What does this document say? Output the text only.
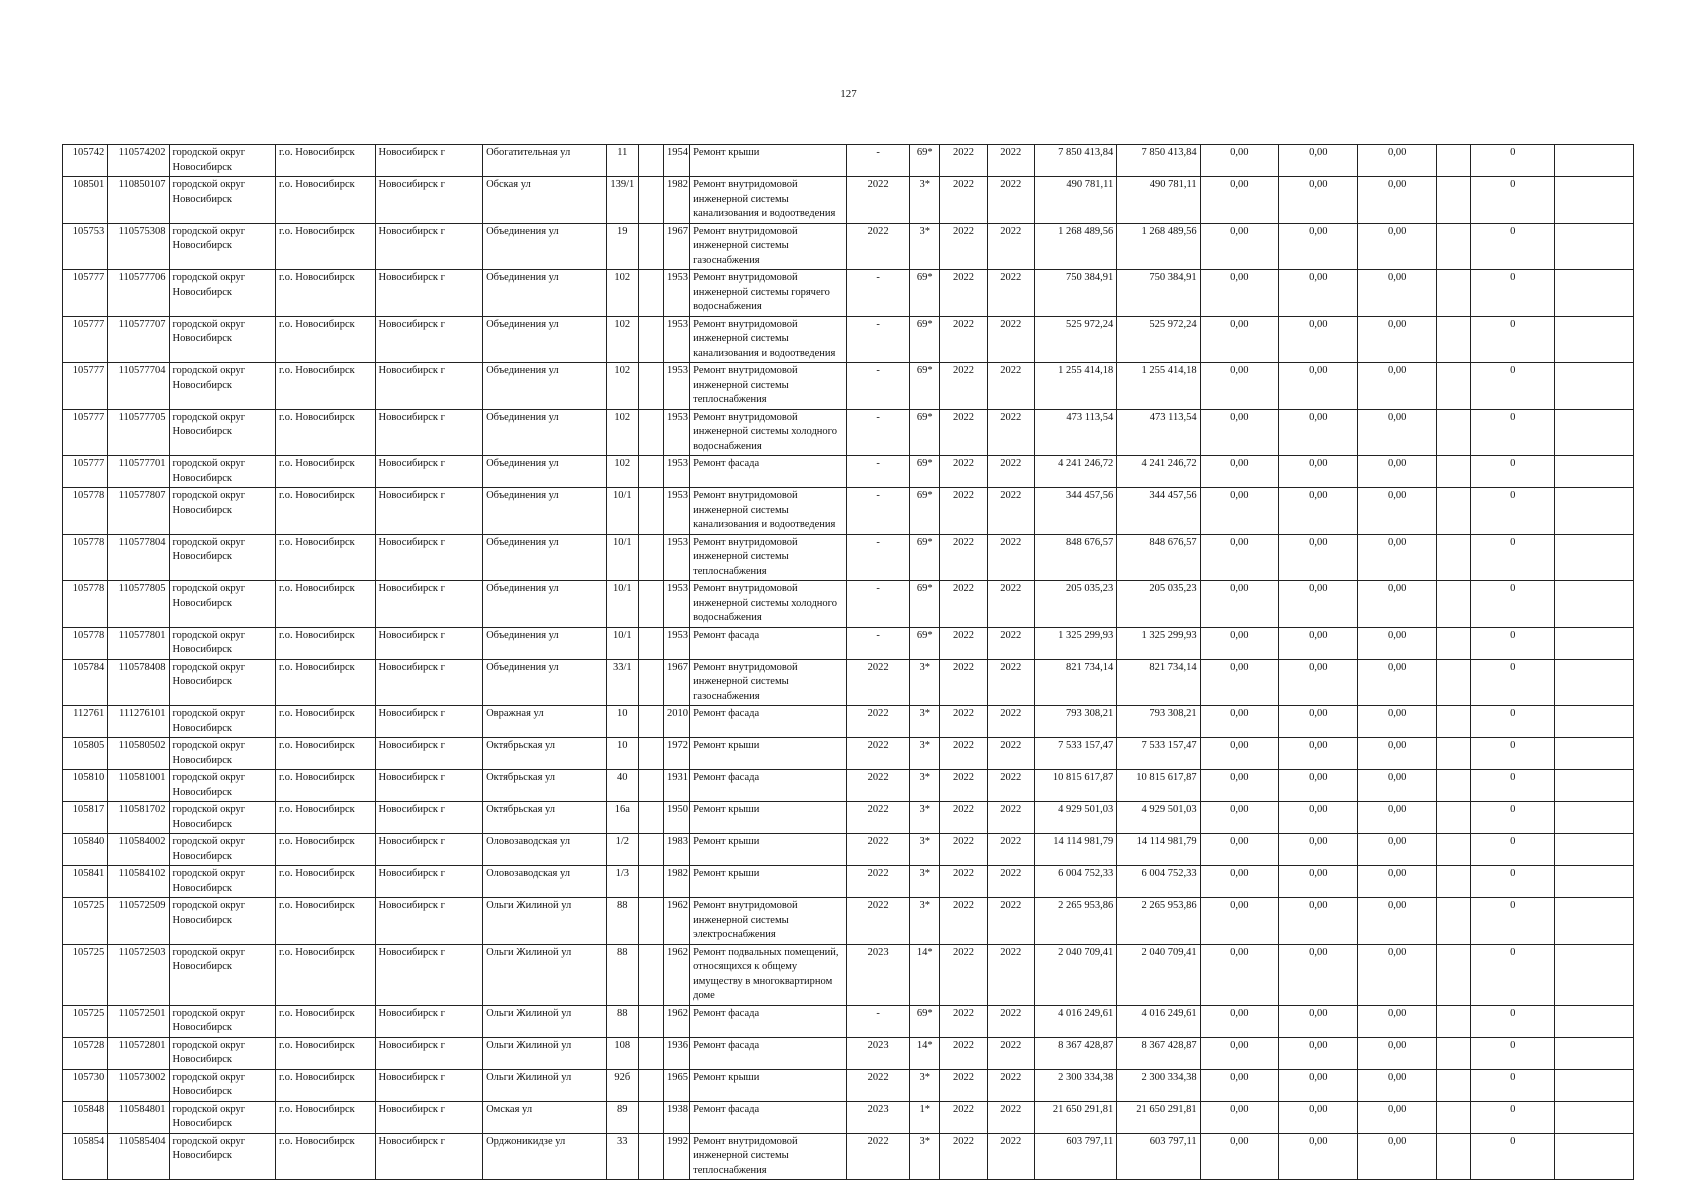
127
105742	110574202	городской округ Новосибирск	г.о. Новосибирск	Новосибирск г	Обогатительная ул	11		1954	Ремонт крыши	-	69*	2022	2022	7 850 413,84	7 850 413,84	0,00	0,00	0,00		0	
108501	110850107	городской округ Новосибирск	г.о. Новосибирск	Новосибирск г	Обская ул	139/1		1982	Ремонт внутридомовой инженерной системы канализования и водоотведения	2022	3*	2022	2022	490 781,11	490 781,11	0,00	0,00	0,00		0	
105753	110575308	городской округ Новосибирск	г.о. Новосибирск	Новосибирск г	Объединения ул	19		1967	Ремонт внутридомовой инженерной системы газоснабжения	2022	3*	2022	2022	1 268 489,56	1 268 489,56	0,00	0,00	0,00		0	
105777	110577706	городской округ Новосибирск	г.о. Новосибирск	Новосибирск г	Объединения ул	102		1953	Ремонт внутридомовой инженерной системы горячего водоснабжения	-	69*	2022	2022	750 384,91	750 384,91	0,00	0,00	0,00		0	
105777	110577707	городской округ Новосибирск	г.о. Новосибирск	Новосибирск г	Объединения ул	102		1953	Ремонт внутридомовой инженерной системы канализования и водоотведения	-	69*	2022	2022	525 972,24	525 972,24	0,00	0,00	0,00		0	
105777	110577704	городской округ Новосибирск	г.о. Новосибирск	Новосибирск г	Объединения ул	102		1953	Ремонт внутридомовой инженерной системы теплоснабжения	-	69*	2022	2022	1 255 414,18	1 255 414,18	0,00	0,00	0,00		0	
105777	110577705	городской округ Новосибирск	г.о. Новосибирск	Новосибирск г	Объединения ул	102		1953	Ремонт внутридомовой инженерной системы холодного водоснабжения	-	69*	2022	2022	473 113,54	473 113,54	0,00	0,00	0,00		0	
105777	110577701	городской округ Новосибирск	г.о. Новосибирск	Новосибирск г	Объединения ул	102		1953	Ремонт фасада	-	69*	2022	2022	4 241 246,72	4 241 246,72	0,00	0,00	0,00		0	
105778	110577807	городской округ Новосибирск	г.о. Новосибирск	Новосибирск г	Объединения ул	10/1		1953	Ремонт внутридомовой инженерной системы канализования и водоотведения	-	69*	2022	2022	344 457,56	344 457,56	0,00	0,00	0,00		0	
105778	110577804	городской округ Новосибирск	г.о. Новосибирск	Новосибирск г	Объединения ул	10/1		1953	Ремонт внутридомовой инженерной системы теплоснабжения	-	69*	2022	2022	848 676,57	848 676,57	0,00	0,00	0,00		0	
105778	110577805	городской округ Новосибирск	г.о. Новосибирск	Новосибирск г	Объединения ул	10/1		1953	Ремонт внутридомовой инженерной системы холодного водоснабжения	-	69*	2022	2022	205 035,23	205 035,23	0,00	0,00	0,00		0	
105778	110577801	городской округ Новосибирск	г.о. Новосибирск	Новосибирск г	Объединения ул	10/1		1953	Ремонт фасада	-	69*	2022	2022	1 325 299,93	1 325 299,93	0,00	0,00	0,00		0	
105784	110578408	городской округ Новосибирск	г.о. Новосибирск	Новосибирск г	Объединения ул	33/1		1967	Ремонт внутридомовой инженерной системы газоснабжения	2022	3*	2022	2022	821 734,14	821 734,14	0,00	0,00	0,00		0	
112761	111276101	городской округ Новосибирск	г.о. Новосибирск	Новосибирск г	Овражная ул	10		2010	Ремонт фасада	2022	3*	2022	2022	793 308,21	793 308,21	0,00	0,00	0,00		0	
105805	110580502	городской округ Новосибирск	г.о. Новосибирск	Новосибирск г	Октябрьская ул	10		1972	Ремонт крыши	2022	3*	2022	2022	7 533 157,47	7 533 157,47	0,00	0,00	0,00		0	
105810	110581001	городской округ Новосибирск	г.о. Новосибирск	Новосибирск г	Октябрьская ул	40		1931	Ремонт фасада	2022	3*	2022	2022	10 815 617,87	10 815 617,87	0,00	0,00	0,00		0	
105817	110581702	городской округ Новосибирск	г.о. Новосибирск	Новосибирск г	Октябрьская ул	16а		1950	Ремонт крыши	2022	3*	2022	2022	4 929 501,03	4 929 501,03	0,00	0,00	0,00		0	
105840	110584002	городской округ Новосибирск	г.о. Новосибирск	Новосибирск г	Оловозаводская ул	1/2		1983	Ремонт крыши	2022	3*	2022	2022	14 114 981,79	14 114 981,79	0,00	0,00	0,00		0	
105841	110584102	городской округ Новосибирск	г.о. Новосибирск	Новосибирск г	Оловозаводская ул	1/3		1982	Ремонт крыши	2022	3*	2022	2022	6 004 752,33	6 004 752,33	0,00	0,00	0,00		0	
105725	110572509	городской округ Новосибирск	г.о. Новосибирск	Новосибирск г	Ольги Жилиной ул	88		1962	Ремонт внутридомовой инженерной системы электроснабжения	2022	3*	2022	2022	2 265 953,86	2 265 953,86	0,00	0,00	0,00		0	
105725	110572503	городской округ Новосибирск	г.о. Новосибирск	Новосибирск г	Ольги Жилиной ул	88		1962	Ремонт подвальных помещений, относящихся к общему имуществу в многоквартирном доме	2023	14*	2022	2022	2 040 709,41	2 040 709,41	0,00	0,00	0,00		0	
105725	110572501	городской округ Новосибирск	г.о. Новосибирск	Новосибирск г	Ольги Жилиной ул	88		1962	Ремонт фасада	-	69*	2022	2022	4 016 249,61	4 016 249,61	0,00	0,00	0,00		0	
105728	110572801	городской округ Новосибирск	г.о. Новосибирск	Новосибирск г	Ольги Жилиной ул	108		1936	Ремонт фасада	2023	14*	2022	2022	8 367 428,87	8 367 428,87	0,00	0,00	0,00		0	
105730	110573002	городской округ Новосибирск	г.о. Новосибирск	Новосибирск г	Ольги Жилиной ул	92б		1965	Ремонт крыши	2022	3*	2022	2022	2 300 334,38	2 300 334,38	0,00	0,00	0,00		0	
105848	110584801	городской округ Новосибирск	г.о. Новосибирск	Новосибирск г	Омская ул	89		1938	Ремонт фасада	2023	1*	2022	2022	21 650 291,81	21 650 291,81	0,00	0,00	0,00		0	
105854	110585404	городской округ Новосибирск	г.о. Новосибирск	Новосибирск г	Орджоникидзе ул	33		1992	Ремонт внутридомовой инженерной системы теплоснабжения	2022	3*	2022	2022	603 797,11	603 797,11	0,00	0,00	0,00		0	
